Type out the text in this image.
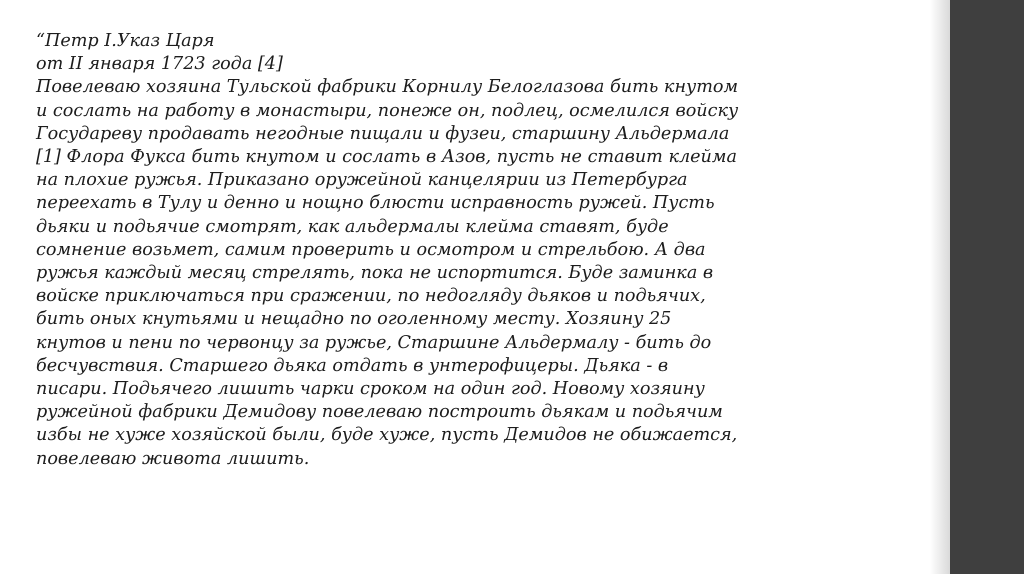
“Петр I.Указ Царя
от II января 1723 года [4]
Повелеваю хозяина Тульской фабрики Корнилу Белоглазова бить кнутом
и сослать на работу в монастыри, понеже он, подлец, осмелился войску
Государеву продавать негодные пищали и фузеи, старшину Альдермала
[1] Флора Фукса бить кнутом и сослать в Азов, пусть не ставит клейма
на плохие ружья. Приказано оружейной канцелярии из Петербурга
переехать в Тулу и денно и нощно блюсти исправность ружей. Пусть
дьяки и подьячие смотрят, как альдермалы клейма ставят, буде
сомнение возьмет, самим проверить и осмотром и стрельбою. А два
ружья каждый месяц стрелять, пока не испортится. Буде заминка в
войске приключаться при сражении, по недогляду дьяков и подьячих,
бить оных кнутьями и нещадно по оголенному месту. Хозяину 25
кнутов и пени по червонцу за ружье, Старшине Альдермалу - бить до
бесчувствия. Старшего дьяка отдать в унтерофицеры. Дьяка - в
писари. Подьячего лишить чарки сроком на один год. Новому хозяину
ружейной фабрики Демидову повелеваю построить дьякам и подьячим
избы не хуже хозяйской были, буде хуже, пусть Демидов не обижается,
повелеваю живота лишить.
